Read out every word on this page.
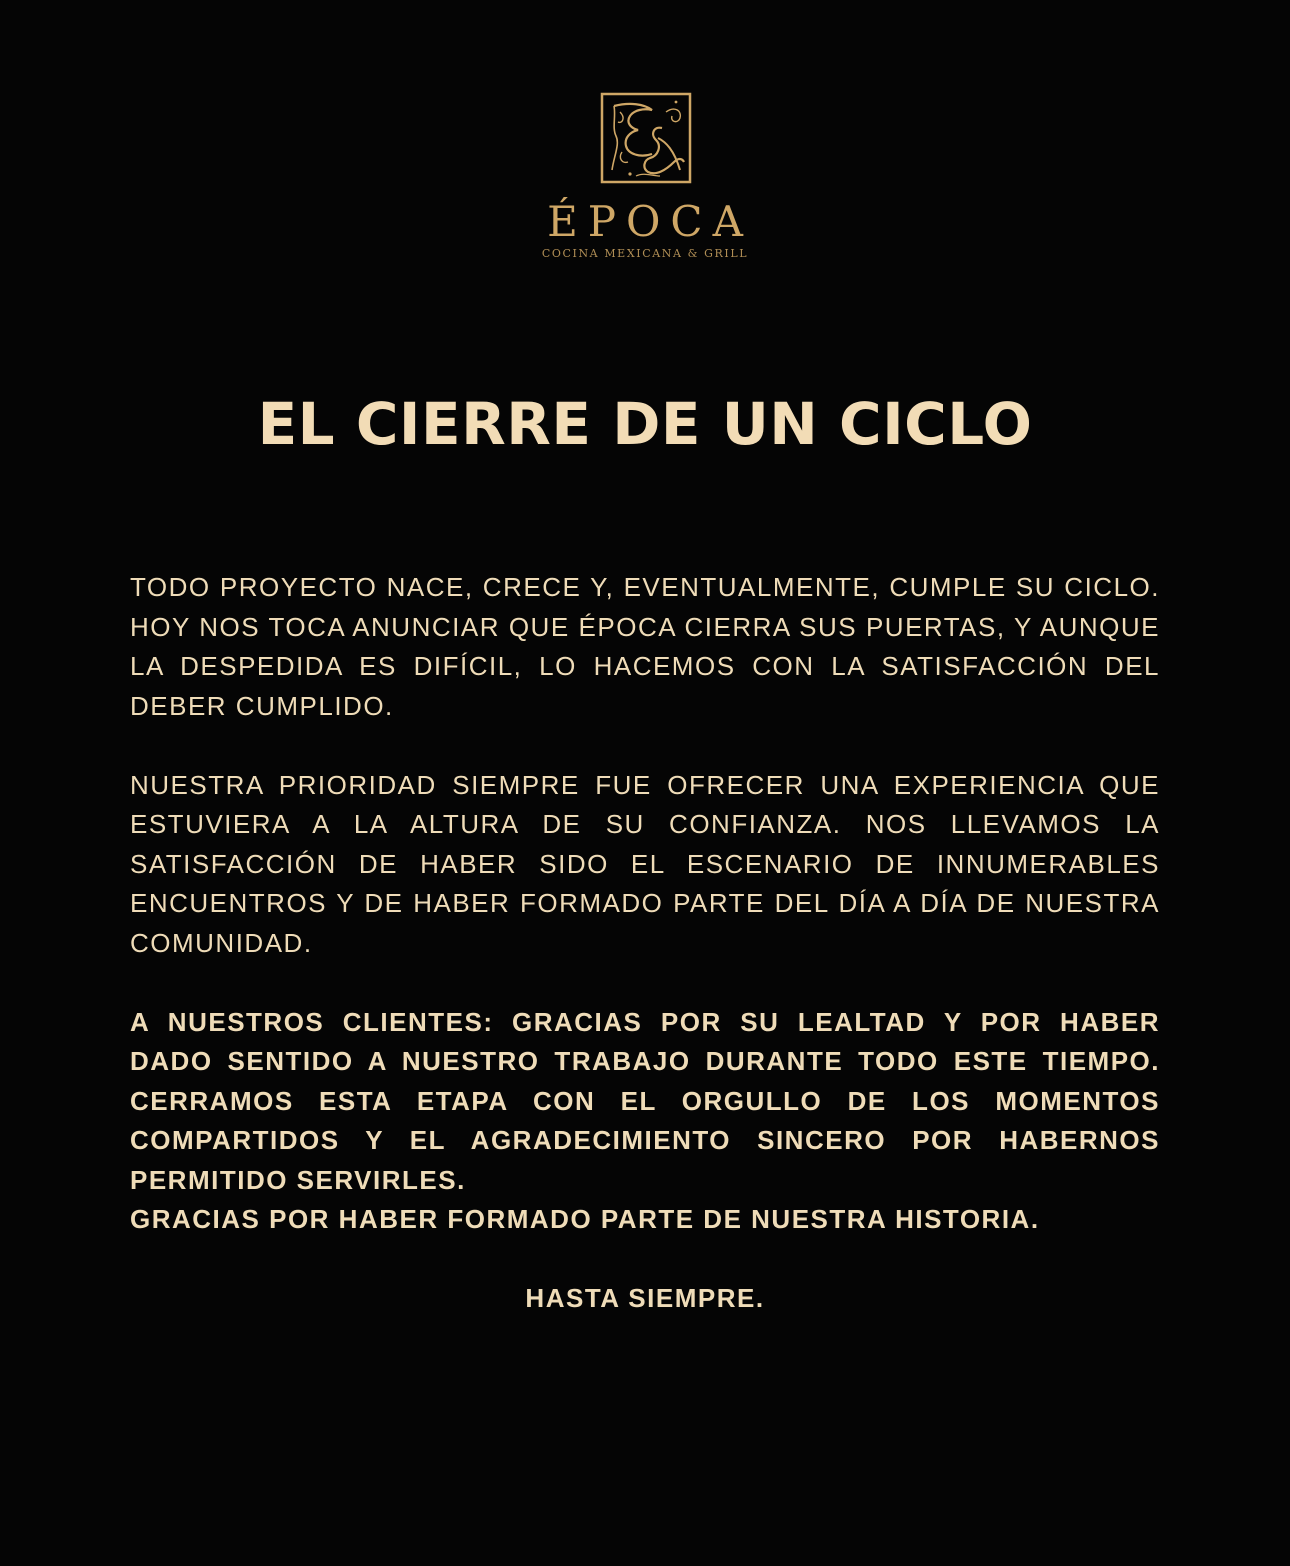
ÉPOCA
COCINA MEXICANA & GRILL
EL CIERRE DE UN CICLO

TODO PROYECTO NACE, CRECE Y, EVENTUALMENTE, CUMPLE SU CICLO. HOY NOS TOCA ANUNCIAR QUE ÉPOCA CIERRA SUS PUERTAS, Y AUNQUE LA DESPEDIDA ES DIFÍCIL, LO HACEMOS CON LA SATISFACCIÓN DEL DEBER CUMPLIDO.

NUESTRA PRIORIDAD SIEMPRE FUE OFRECER UNA EXPERIENCIA QUE ESTUVIERA A LA ALTURA DE SU CONFIANZA. NOS LLEVAMOS LA SATISFACCIÓN DE HABER SIDO EL ESCENARIO DE INNUMERABLES ENCUENTROS Y DE HABER FORMADO PARTE DEL DÍA A DÍA DE NUESTRA COMUNIDAD.

A NUESTROS CLIENTES: GRACIAS POR SU LEALTAD Y POR HABER DADO SENTIDO A NUESTRO TRABAJO DURANTE TODO ESTE TIEMPO. CERRAMOS ESTA ETAPA CON EL ORGULLO DE LOS MOMENTOS COMPARTIDOS Y EL AGRADECIMIENTO SINCERO POR HABERNOS PERMITIDO SERVIRLES.

GRACIAS POR HABER FORMADO PARTE DE NUESTRA HISTORIA.

HASTA SIEMPRE.
